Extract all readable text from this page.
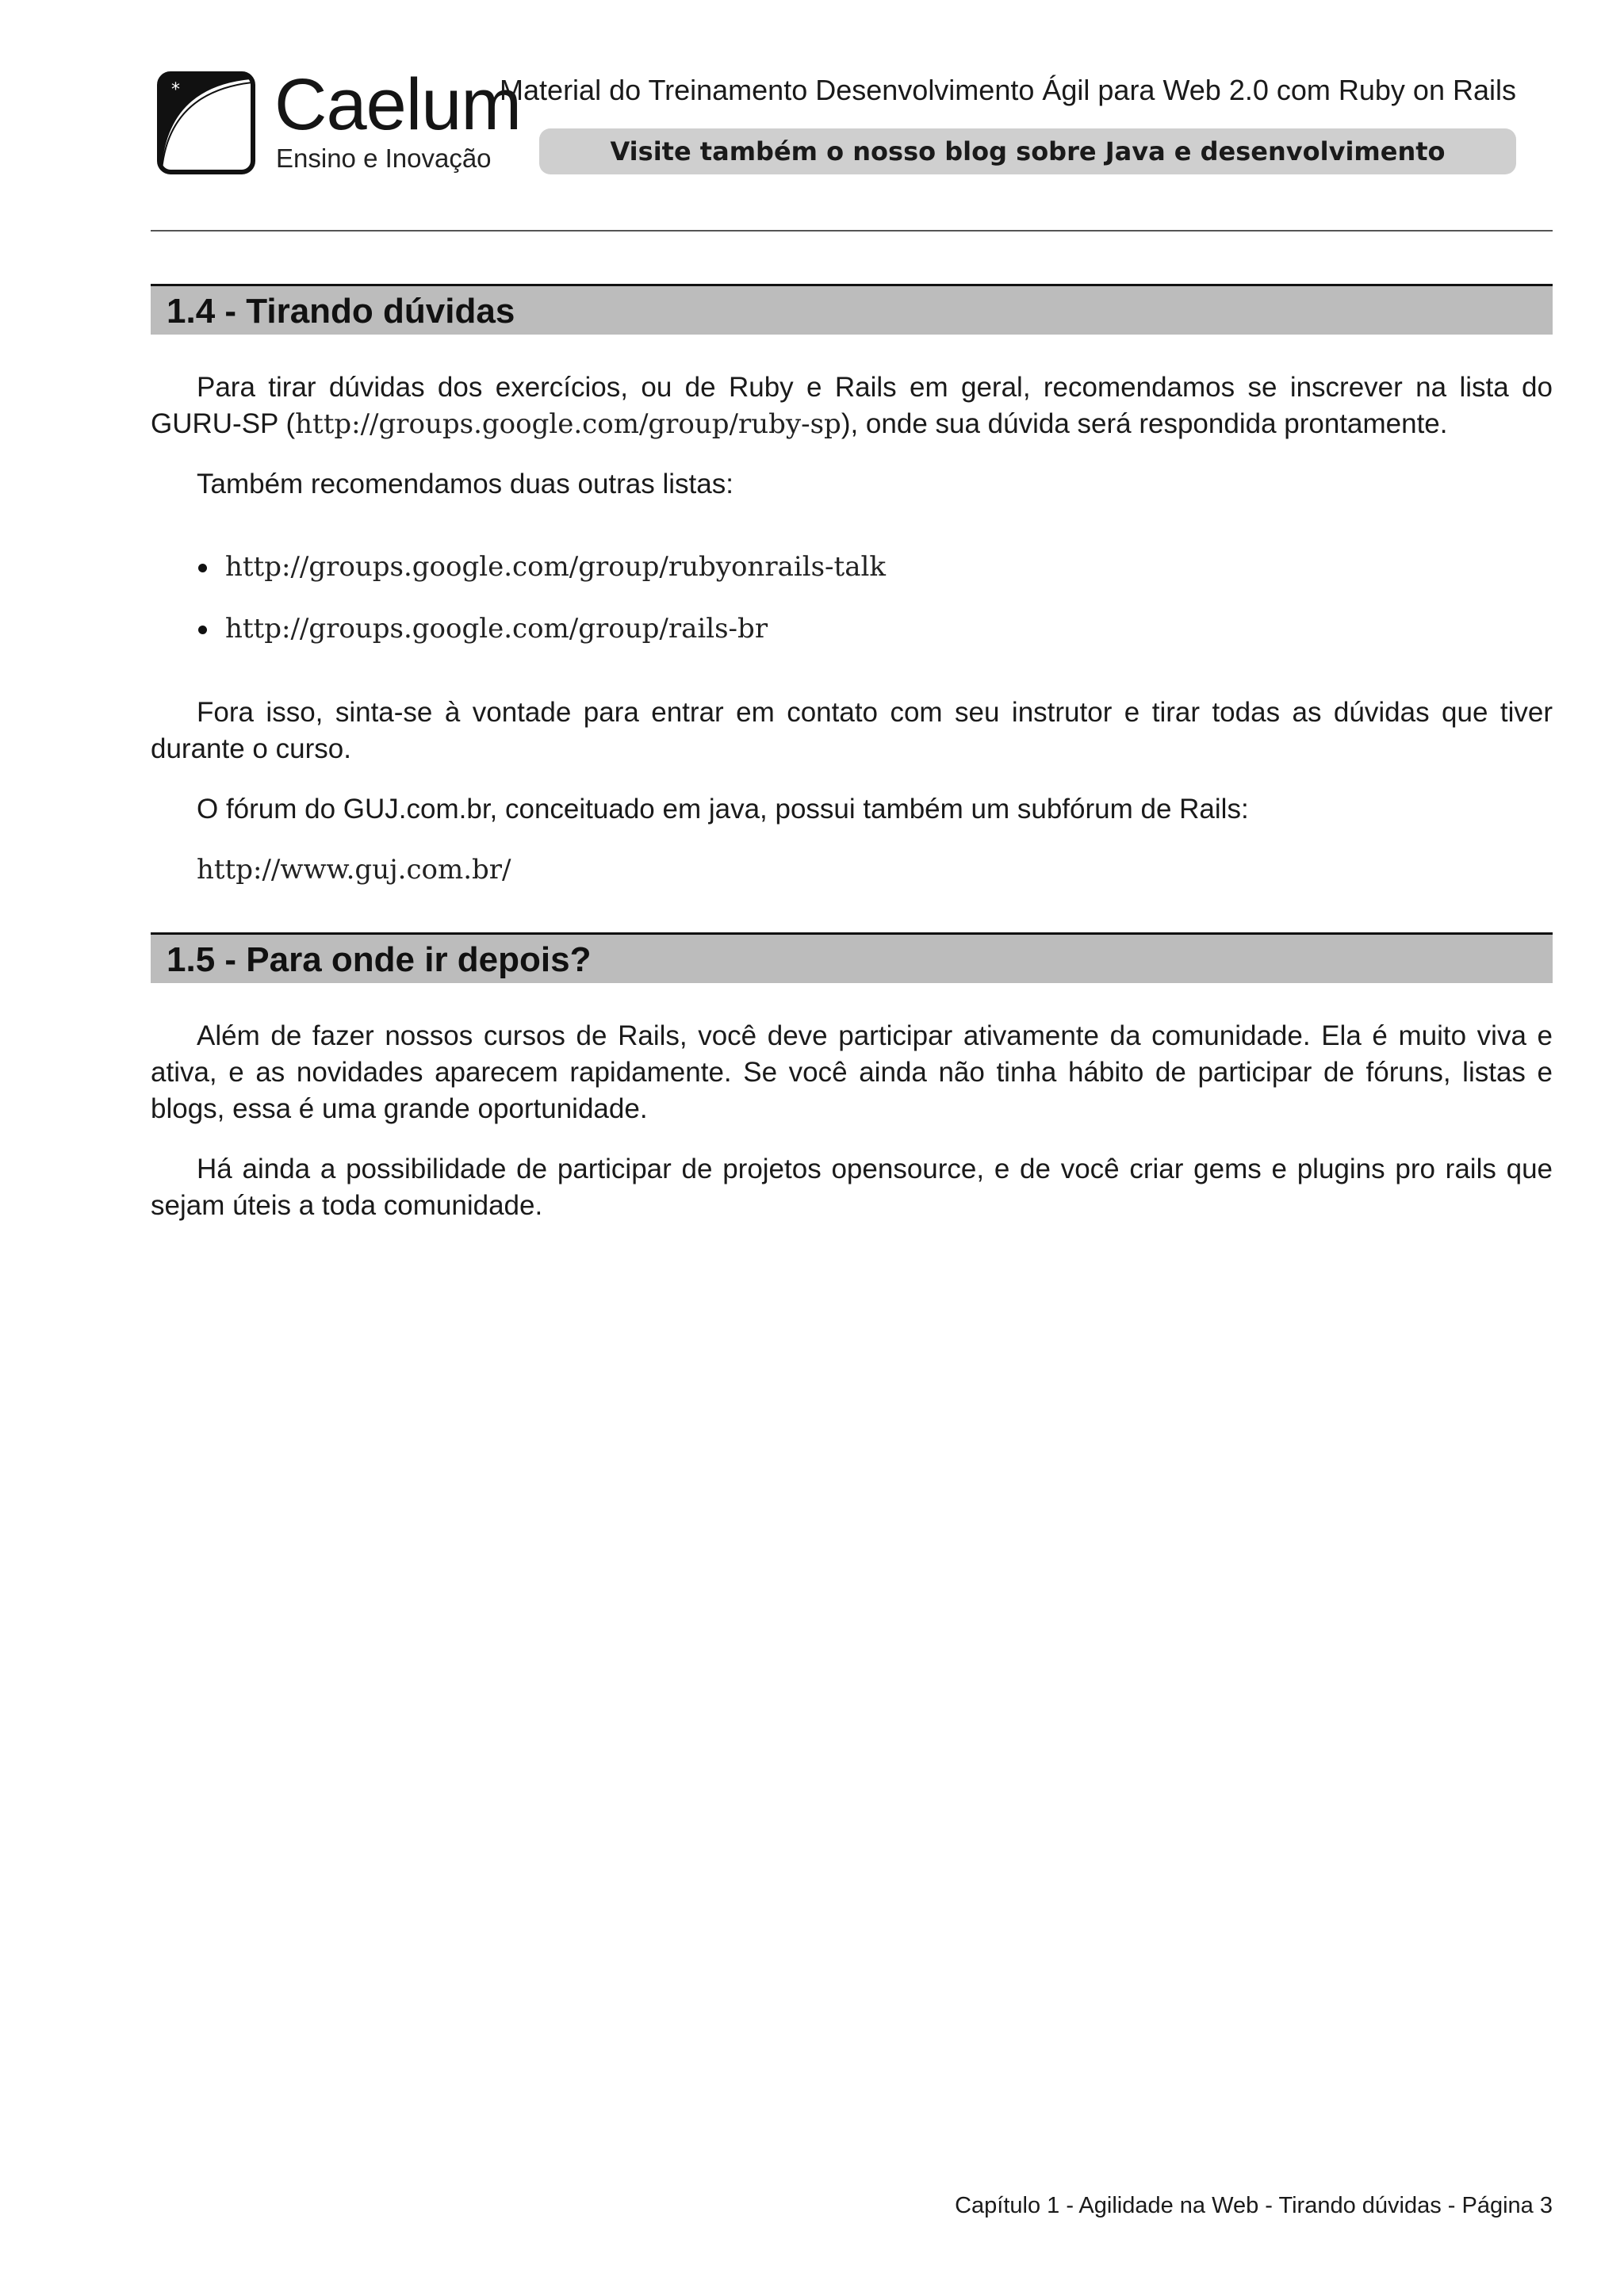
* Caelum
Ensino e Inovação
Material do Treinamento Desenvolvimento Ágil para Web 2.0 com Ruby on Rails
Visite também o nosso blog sobre Java e desenvolvimento
1.4 - Tirando dúvidas

Para tirar dúvidas dos exercícios, ou de Ruby e Rails em geral, recomendamos se inscrever na lista do GURU-SP (http://groups.google.com/group/ruby-sp), onde sua dúvida será respondida prontamente.

Também recomendamos duas outras listas:

http://groups.google.com/group/rubyonrails-talk
http://groups.google.com/group/rails-br

Fora isso, sinta-se à vontade para entrar em contato com seu instrutor e tirar todas as dúvidas que tiver durante o curso.

O fórum do GUJ.com.br, conceituado em java, possui também um subfórum de Rails:

http://www.guj.com.br/

1.5 - Para onde ir depois?

Além de fazer nossos cursos de Rails, você deve participar ativamente da comunidade. Ela é muito viva e ativa, e as novidades aparecem rapidamente. Se você ainda não tinha hábito de participar de fóruns, listas e blogs, essa é uma grande oportunidade.

Há ainda a possibilidade de participar de projetos opensource, e de você criar gems e plugins pro rails que sejam úteis a toda comunidade.

Capítulo 1 - Agilidade na Web - Tirando dúvidas - Página 3
